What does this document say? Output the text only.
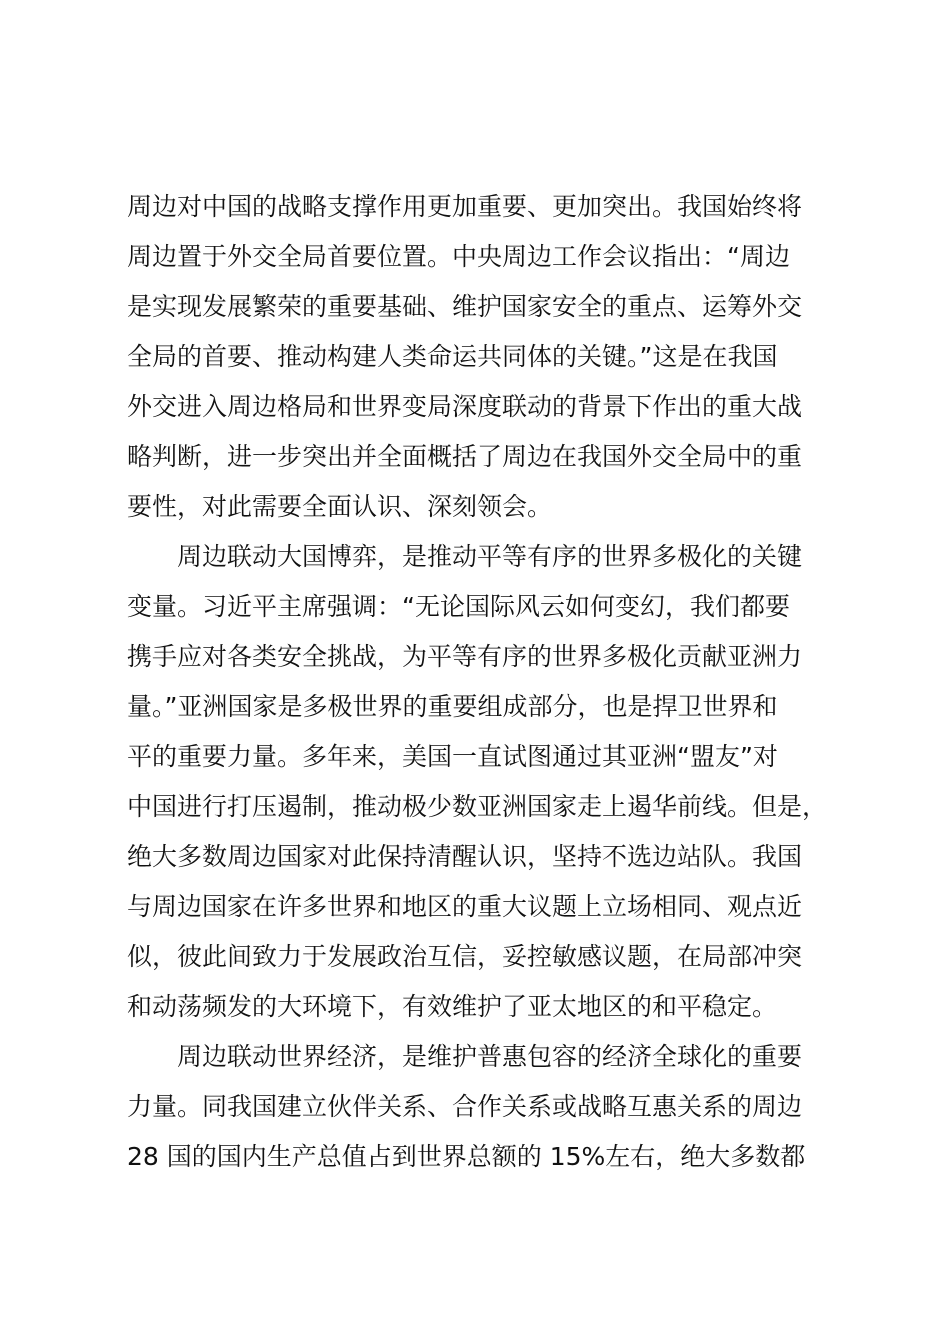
周边对中国的战略支撑作用更加重要、更加突出。我国始终将
周边置于外交全局首要位置。中央周边工作会议指出：“周边
是实现发展繁荣的重要基础、维护国家安全的重点、运筹外交
全局的首要、推动构建人类命运共同体的关键。”这是在我国
外交进入周边格局和世界变局深度联动的背景下作出的重大战
略判断，进一步突出并全面概括了周边在我国外交全局中的重
要性，对此需要全面认识、深刻领会。
　　周边联动大国博弈，是推动平等有序的世界多极化的关键
变量。习近平主席强调：“无论国际风云如何变幻，我们都要
携手应对各类安全挑战，为平等有序的世界多极化贡献亚洲力
量。”亚洲国家是多极世界的重要组成部分，也是捍卫世界和
平的重要力量。多年来，美国一直试图通过其亚洲“盟友”对
中国进行打压遏制，推动极少数亚洲国家走上遏华前线。但是，
绝大多数周边国家对此保持清醒认识，坚持不选边站队。我国
与周边国家在许多世界和地区的重大议题上立场相同、观点近
似，彼此间致力于发展政治互信，妥控敏感议题，在局部冲突
和动荡频发的大环境下，有效维护了亚太地区的和平稳定。
　　周边联动世界经济，是维护普惠包容的经济全球化的重要
力量。同我国建立伙伴关系、合作关系或战略互惠关系的周边
28 国的国内生产总值占到世界总额的 15%左右，绝大多数都
